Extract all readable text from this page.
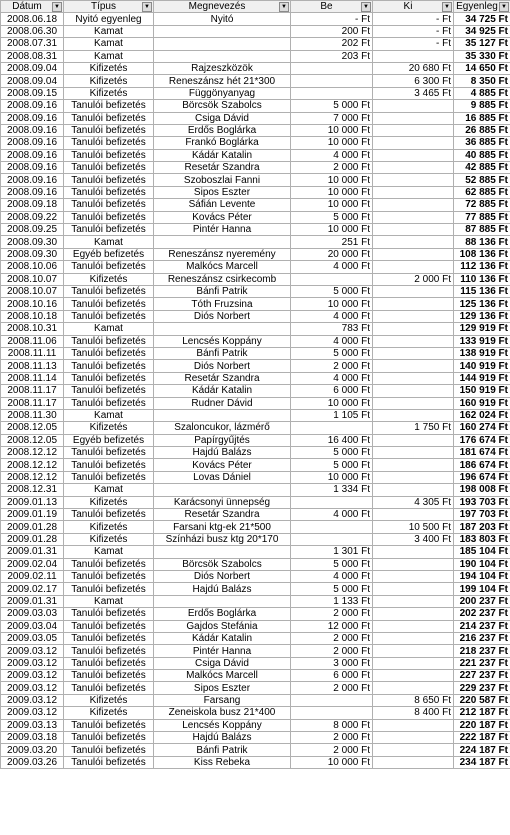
Dátum ▼	Típus ▼	Megnevezés ▼	Be ▼	Ki ▼	Egyenleg ▼

2008.06.18	Nyitó egyenleg	Nyitó	- Ft	- Ft	34 725 Ft
2008.06.30	Kamat		200 Ft	- Ft	34 925 Ft
2008.07.31	Kamat		202 Ft	- Ft	35 127 Ft
2008.08.31	Kamat		203 Ft		35 330 Ft
2008.09.04	Kifizetés	Rajzeszközök		20 680 Ft	14 650 Ft
2008.09.04	Kifizetés	Reneszánsz hét 21*300		6 300 Ft	8 350 Ft
2008.09.15	Kifizetés	Függönyanyag		3 465 Ft	4 885 Ft
2008.09.16	Tanulói befizetés	Börcsök Szabolcs	5 000 Ft		9 885 Ft
2008.09.16	Tanulói befizetés	Csiga Dávid	7 000 Ft		16 885 Ft
2008.09.16	Tanulói befizetés	Erdős Boglárka	10 000 Ft		26 885 Ft
2008.09.16	Tanulói befizetés	Frankó Boglárka	10 000 Ft		36 885 Ft
2008.09.16	Tanulói befizetés	Kádár Katalin	4 000 Ft		40 885 Ft
2008.09.16	Tanulói befizetés	Resetár Szandra	2 000 Ft		42 885 Ft
2008.09.16	Tanulói befizetés	Szoboszlai Fanni	10 000 Ft		52 885 Ft
2008.09.16	Tanulói befizetés	Sipos Eszter	10 000 Ft		62 885 Ft
2008.09.18	Tanulói befizetés	Sáfián Levente	10 000 Ft		72 885 Ft
2008.09.22	Tanulói befizetés	Kovács Péter	5 000 Ft		77 885 Ft
2008.09.25	Tanulói befizetés	Pintér Hanna	10 000 Ft		87 885 Ft
2008.09.30	Kamat		251 Ft		88 136 Ft
2008.09.30	Egyéb befizetés	Reneszánsz nyeremény	20 000 Ft		108 136 Ft
2008.10.06	Tanulói befizetés	Malkócs Marcell	4 000 Ft		112 136 Ft
2008.10.07	Kifizetés	Reneszánsz csirkecomb		2 000 Ft	110 136 Ft
2008.10.07	Tanulói befizetés	Bánfi Patrik	5 000 Ft		115 136 Ft
2008.10.16	Tanulói befizetés	Tóth Fruzsina	10 000 Ft		125 136 Ft
2008.10.18	Tanulói befizetés	Diós Norbert	4 000 Ft		129 136 Ft
2008.10.31	Kamat		783 Ft		129 919 Ft
2008.11.06	Tanulói befizetés	Lencsés Koppány	4 000 Ft		133 919 Ft
2008.11.11	Tanulói befizetés	Bánfi Patrik	5 000 Ft		138 919 Ft
2008.11.13	Tanulói befizetés	Diós Norbert	2 000 Ft		140 919 Ft
2008.11.14	Tanulói befizetés	Resetár Szandra	4 000 Ft		144 919 Ft
2008.11.17	Tanulói befizetés	Kádár Katalin	6 000 Ft		150 919 Ft
2008.11.17	Tanulói befizetés	Rudner Dávid	10 000 Ft		160 919 Ft
2008.11.30	Kamat		1 105 Ft		162 024 Ft
2008.12.05	Kifizetés	Szaloncukor, lázmérő		1 750 Ft	160 274 Ft
2008.12.05	Egyéb befizetés	Papírgyűjtés	16 400 Ft		176 674 Ft
2008.12.12	Tanulói befizetés	Hajdú Balázs	5 000 Ft		181 674 Ft
2008.12.12	Tanulói befizetés	Kovács Péter	5 000 Ft		186 674 Ft
2008.12.12	Tanulói befizetés	Lovas Dániel	10 000 Ft		196 674 Ft
2008.12.31	Kamat		1 334 Ft		198 008 Ft
2009.01.13	Kifizetés	Karácsonyi ünnepség		4 305 Ft	193 703 Ft
2009.01.19	Tanulói befizetés	Resetár Szandra	4 000 Ft		197 703 Ft
2009.01.28	Kifizetés	Farsani ktg-ek 21*500		10 500 Ft	187 203 Ft
2009.01.28	Kifizetés	Színházi busz ktg 20*170		3 400 Ft	183 803 Ft
2009.01.31	Kamat		1 301 Ft		185 104 Ft
2009.02.04	Tanulói befizetés	Börcsök Szabolcs	5 000 Ft		190 104 Ft
2009.02.11	Tanulói befizetés	Diós Norbert	4 000 Ft		194 104 Ft
2009.02.17	Tanulói befizetés	Hajdú Balázs	5 000 Ft		199 104 Ft
2009.01.31	Kamat		1 133 Ft		200 237 Ft
2009.03.03	Tanulói befizetés	Erdős Boglárka	2 000 Ft		202 237 Ft
2009.03.04	Tanulói befizetés	Gajdos Stefánia	12 000 Ft		214 237 Ft
2009.03.05	Tanulói befizetés	Kádár Katalin	2 000 Ft		216 237 Ft
2009.03.12	Tanulói befizetés	Pintér Hanna	2 000 Ft		218 237 Ft
2009.03.12	Tanulói befizetés	Csiga Dávid	3 000 Ft		221 237 Ft
2009.03.12	Tanulói befizetés	Malkócs Marcell	6 000 Ft		227 237 Ft
2009.03.12	Tanulói befizetés	Sipos Eszter	2 000 Ft		229 237 Ft
2009.03.12	Kifizetés	Farsang		8 650 Ft	220 587 Ft
2009.03.12	Kifizetés	Zeneiskola busz 21*400		8 400 Ft	212 187 Ft
2009.03.13	Tanulói befizetés	Lencsés Koppány	8 000 Ft		220 187 Ft
2009.03.18	Tanulói befizetés	Hajdú Balázs	2 000 Ft		222 187 Ft
2009.03.20	Tanulói befizetés	Bánfi Patrik	2 000 Ft		224 187 Ft
2009.03.26	Tanulói befizetés	Kiss Rebeka	10 000 Ft		234 187 Ft
